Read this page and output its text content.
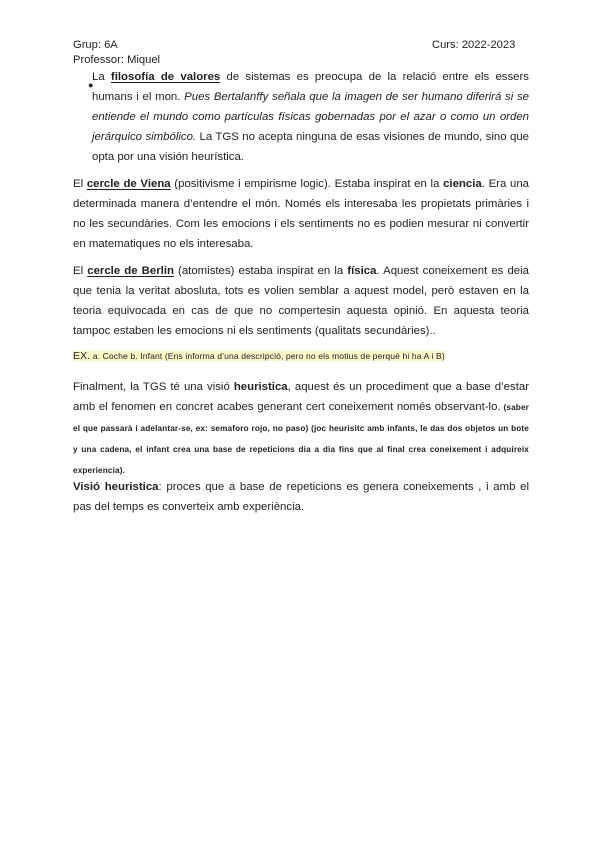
Grup: 6A	Curs: 2022-2023
Professor: Miquel
●
La filosofía de valores de sistemas es preocupa de la relació entre els essers humans i el mon. Pues Bertalanffy señala que la imagen de ser humano diferirá si se entiende el mundo como partículas físicas gobernadas por el azar o como un orden jerárquico simbólico. La TGS no acepta ninguna de esas visiones de mundo, sino que opta por una visión heurística.
El cercle de Viena (positivisme i empirisme logic). Estaba inspirat en la ciencia. Era una determinada manera d’entendre el món. Només els interesaba les propietats primàries i no les secundàries. Com les emocions i els sentiments no es podien mesurar ni convertir en matematiques no els interesaba.
El cercle de Berlin (atomistes) estaba inspirat en la física. Aquest coneixement es deia que tenia la veritat abosluta, tots es volien semblar a aquest model, però estaven en la teoria equivocada en cas de que no compertesin aquesta opinió. En aquesta teoria tampoc estaben les emocions ni els sentiments (qualitats secundàries)..
EX. a. Coche b. Infant (Ens informa d’una descripció, pero no els motius de perquè hi ha A i B)
Finalment, la TGS té una visió heuristica, aquest és un procediment que a base d’estar amb el fenomen en concret acabes generant cert coneixement només observant-lo. (saber el que passarà i adelantar-se, ex: semaforo rojo, no paso) (joc heurisitc amb infants, le das dos objetos un bote y una cadena, el infant crea una base de repeticions dia a dia fins que al final crea coneixement i adquireix experiencia).
Visió heuristica: proces que a base de repeticions es genera coneixements , i amb el pas del temps es converteix amb experiència.
